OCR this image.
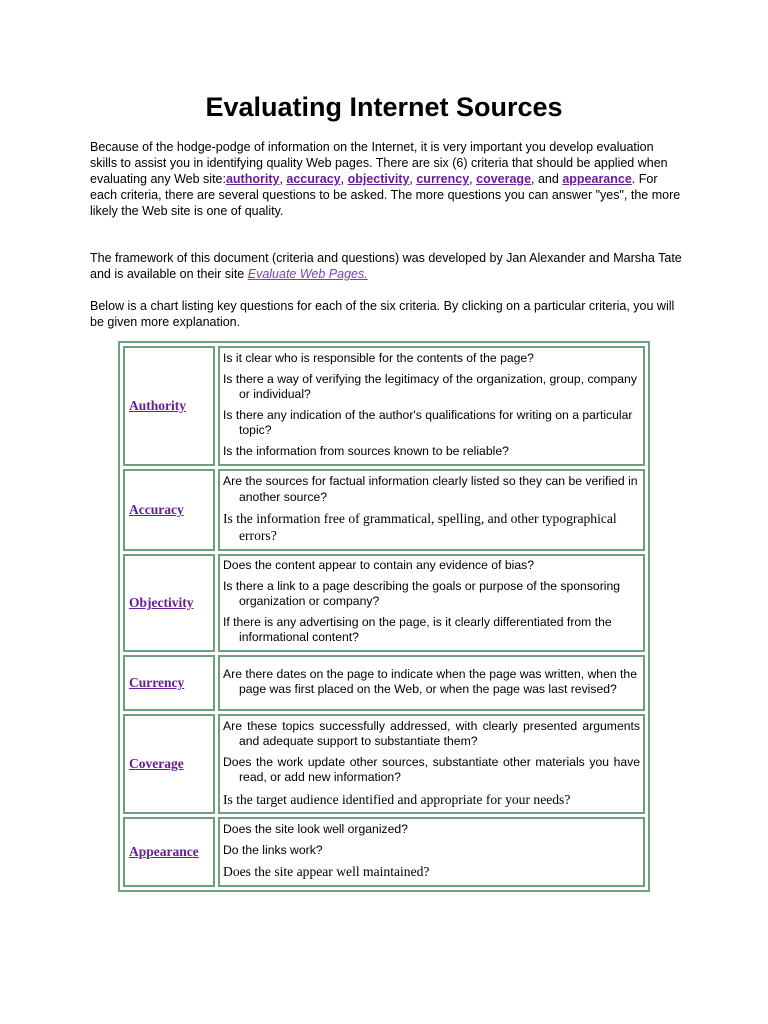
Evaluating Internet Sources

Because of the hodge-podge of information on the Internet, it is very important you develop evaluation skills to assist you in identifying quality Web pages. There are six (6) criteria that should be applied when evaluating any Web site:authority, accuracy, objectivity, currency, coverage, and appearance. For each criteria, there are several questions to be asked. The more questions you can answer "yes", the more likely the Web site is one of quality.

The framework of this document (criteria and questions) was developed by Jan Alexander and Marsha Tate and is available on their site Evaluate Web Pages.

Below is a chart listing key questions for each of the six criteria. By clicking on a particular criteria, you will be given more explanation.

Authority	Is it clear who is responsible for the contents of the page?

Is there a way of verifying the legitimacy of the organization, group, company or individual?

Is there any indication of the author's qualifications for writing on a particular topic?

Is the information from sources known to be reliable?

Accuracy	Are the sources for factual information clearly listed so they can be verified in another source?

Is the information free of grammatical, spelling, and other typographical errors?

Objectivity	Does the content appear to contain any evidence of bias?

Is there a link to a page describing the goals or purpose of the sponsoring organization or company?

If there is any advertising on the page, is it clearly differentiated from the informational content?

Currency	Are there dates on the page to indicate when the page was written, when the page was first placed on the Web, or when the page was last revised?

Coverage	Are these topics successfully addressed, with clearly presented arguments and adequate support to substantiate them?

Does the work update other sources, substantiate other materials you have read, or add new information?

Is the target audience identified and appropriate for your needs?

Appearance	Does the site look well organized?

Do the links work?

Does the site appear well maintained?
